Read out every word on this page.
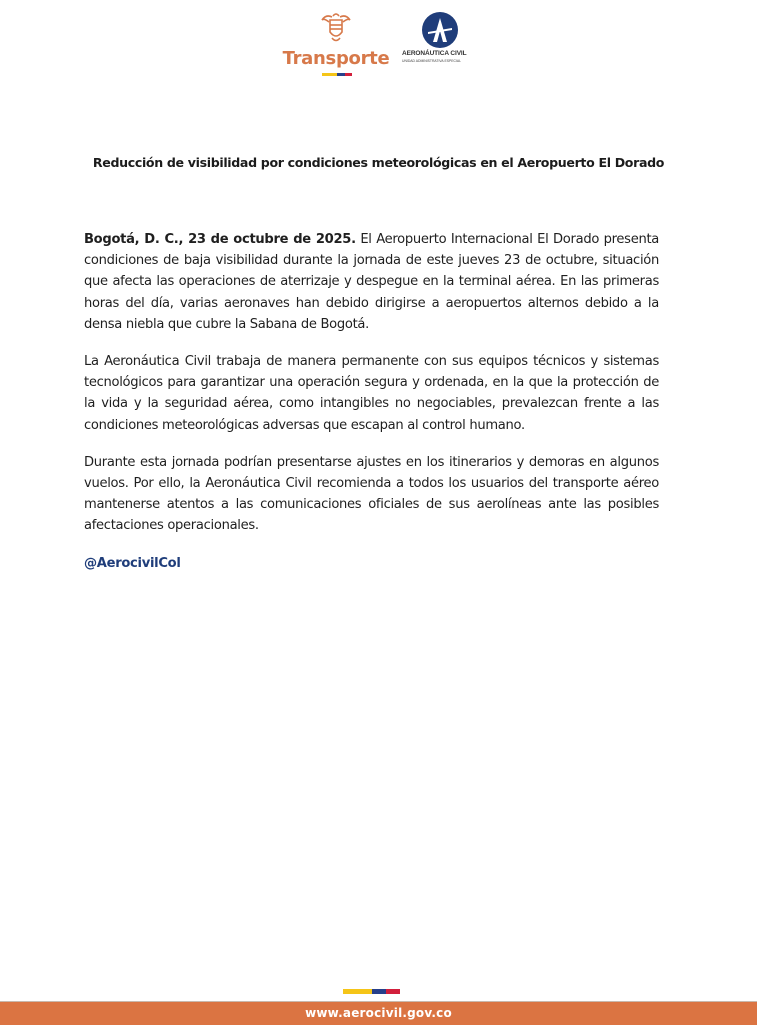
Transporte AERONÁUTICA CIVIL
UNIDAD ADMINISTRATIVA ESPECIAL
Reducción de visibilidad por condiciones meteorológicas en el Aeropuerto El Dorado

Bogotá, D. C., 23 de octubre de 2025. El Aeropuerto Internacional El Dorado presenta condiciones de baja visibilidad durante la jornada de este jueves 23 de octubre, situación que afecta las operaciones de aterrizaje y despegue en la terminal aérea. En las primeras horas del día, varias aeronaves han debido dirigirse a aeropuertos alternos debido a la densa niebla que cubre la Sabana de Bogotá.

La Aeronáutica Civil trabaja de manera permanente con sus equipos técnicos y sistemas tecnológicos para garantizar una operación segura y ordenada, en la que la protección de la vida y la seguridad aérea, como intangibles no negociables, prevalezcan frente a las condiciones meteorológicas adversas que escapan al control humano.

Durante esta jornada podrían presentarse ajustes en los itinerarios y demoras en algunos vuelos. Por ello, la Aeronáutica Civil recomienda a todos los usuarios del transporte aéreo mantenerse atentos a las comunicaciones oficiales de sus aerolíneas ante las posibles afectaciones operacionales.

@AerocivilCol
www.aerocivil.gov.co
